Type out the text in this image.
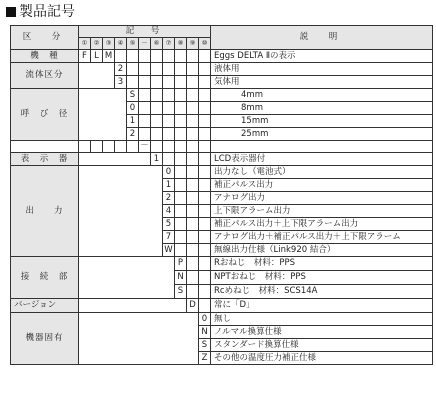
製品記号
区　分	記　号											説　明
	①	②	③	④	⑤	－	⑥	⑦	⑧	⑨	⑩	
機　種	F	L	M									Eggs DELTA Ⅱの表示
流体区分				2								液体用
				3								気体用
呼　び　径					S							4mm
					0							8mm
					1							15mm
					2							25mm
						－						
表　示　器							1					LCD表示器付
出　　力								0				出力なし（電池式）
								1				補正パルス出力
								2				アナログ出力
								4				上下限アラーム出力
								5				補正パルス出力＋上下限アラーム出力
								7				アナログ出力＋補正パルス出力＋上下限アラーム
								W				無線出力仕様（Link920 結合）
接　続　部									P			Rおねじ　材料：PPS
									N			NPTおねじ　材料：PPS
									S			Rcめねじ　材料：SCS14A
バージョン										D		常に「D」
機器固有											0	無し
											N	ノルマル換算仕様
											S	スタンダード換算仕様
											Z	その他の温度圧力補正仕様
